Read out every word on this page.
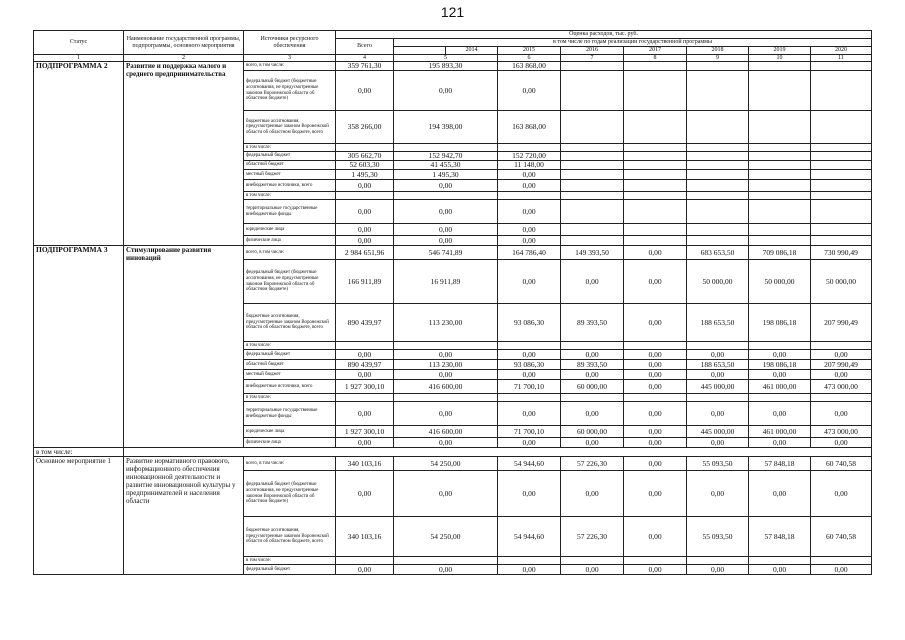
121
Статус	Наименование государственной программы, подпрограммы, основного мероприятия	Источники ресурсного обеспечения	Оценка расходов, тыс. руб.								
			Всего	в том числе по годам реализации государственной программы							
					2014	2015	2016	2017	2018	2019	2020
1	2	3	4	5		6	7	8	9	10	11
ПОДПРОГРАММА 2	Развитие и поддержка малого и среднего предпринимательства	всего, в том числе:	359 761,30	195 893,30		163 868,00					
		федеральный бюджет (бюджетные ассигнования, не предусмотренные законом Воронежской области об областном бюджете)	0,00	0,00		0,00					
		бюджетные ассигнования, предусмотренные законом Воронежской области об областном бюджете, всего	358 266,00	194 398,00		163 868,00					
		в том числе:									
		федеральный бюджет	305 662,70	152 942,70		152 720,00					
		областной бюджет	52 603,30	41 455,30		11 148,00					
		местный бюджет	1 495,30	1 495,30		0,00					
		внебюджетные источники, всего	0,00	0,00		0,00					
		в том числе:									
		территориальные государственные внебюджетные фонды	0,00	0,00		0,00					
		юридические лица	0,00	0,00		0,00					
		физические лица	0,00	0,00		0,00					
ПОДПРОГРАММА 3	Стимулирование развития инноваций	всего, в том числе:	2 984 651,96	546 741,89		164 786,40	149 393,50	0,00	683 653,50	709 086,18	730 990,49
		федеральный бюджет (бюджетные ассигнования, не предусмотренные законом Воронежской области об областном бюджете)	166 911,89	16 911,89		0,00	0,00	0,00	50 000,00	50 000,00	50 000,00
		бюджетные ассигнования, предусмотренные законом Воронежской области об областном бюджете, всего	890 439,97	113 230,00		93 086,30	89 393,50	0,00	188 653,50	198 086,18	207 990,49
		в том числе:									
		федеральный бюджет	0,00	0,00		0,00	0,00	0,00	0,00	0,00	0,00
		областной бюджет	890 439,97	113 230,00		93 086,30	89 393,50	0,00	188 653,50	198 086,18	207 990,49
		местный бюджет	0,00	0,00		0,00	0,00	0,00	0,00	0,00	0,00
		внебюджетные источники, всего	1 927 300,10	416 600,00		71 700,10	60 000,00	0,00	445 000,00	461 000,00	473 000,00
		в том числе:									
		территориальные государственные внебюджетные фонды	0,00	0,00		0,00	0,00	0,00	0,00	0,00	0,00
		юридические лица	1 927 300,10	416 600,00		71 700,10	60 000,00	0,00	445 000,00	461 000,00	473 000,00
		физические лица	0,00	0,00		0,00	0,00	0,00	0,00	0,00	0,00
в том числе:											
Основное мероприятие 1	Развитие нормативного правового, информационного обеспечения инновационной деятельности и развитие инновационной культуры у предпринимателей и населения области	всего, в том числе:	340 103,16	54 250,00		54 944,60	57 226,30	0,00	55 093,50	57 848,18	60 740,58
		федеральный бюджет (бюджетные ассигнования, не предусмотренные законом Воронежской области об областном бюджете)	0,00	0,00		0,00	0,00	0,00	0,00	0,00	0,00
		бюджетные ассигнования, предусмотренные законом Воронежской области об областном бюджете, всего	340 103,16	54 250,00		54 944,60	57 226,30	0,00	55 093,50	57 848,18	60 740,58
		в том числе:									
		федеральный бюджет	0,00	0,00		0,00	0,00	0,00	0,00	0,00	0,00
